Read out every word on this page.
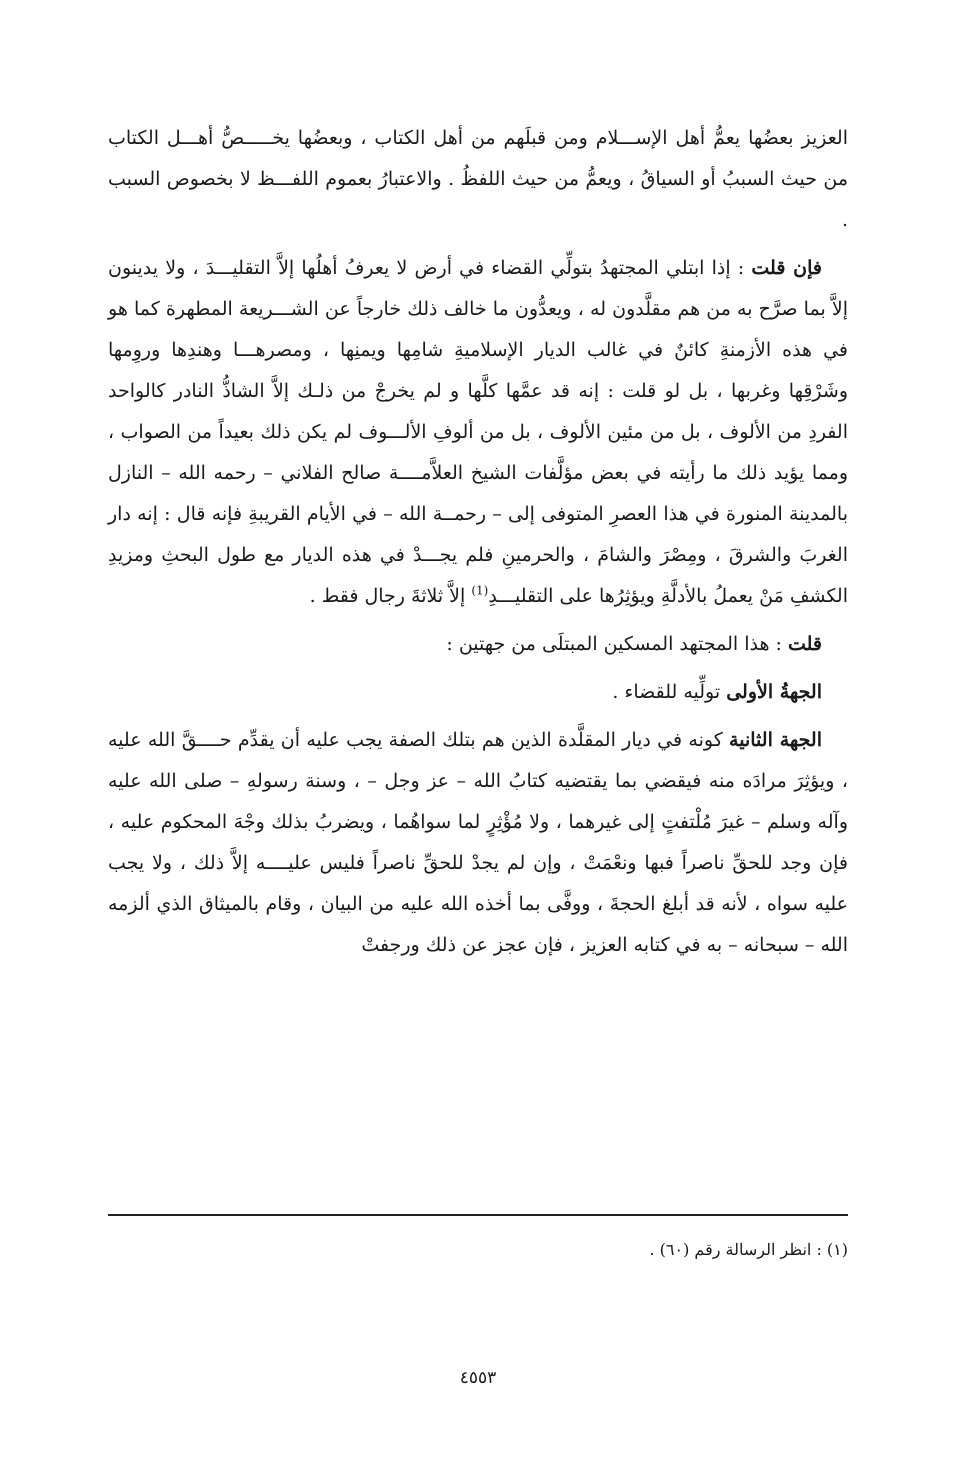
العزيز بعضُها يعمُّ أهل الإســـلام ومن قبلَهم من أهل الكتاب ، وبعضُها يخـــــصُّ أهـــل الكتاب من حيث السببُ أو السياقُ ، ويعمُّ من حيث اللفظُ . والاعتبارُ بعموم اللفـــظ لا بخصوص السبب .

فإن قلت : إذا ابتلي المجتهدُ بتولِّي القضاء في أرض لا يعرفُ أهلُها إلاَّ التقليـــدَ ، ولا يدينون إلاَّ بما صرَّح به من هم مقلَّدون له ، ويعدُّون ما خالف ذلك خارجاً عن الشـــريعة المطهرة كما هو في هذه الأزمنةِ كائنٌ في غالب الديار الإسلاميةِ شامِها ويمنِها ، ومصرهـــا وهندِها وروِمها وشَرْقِها وغربها ، بل لو قلت : إنه قد عمَّها كلَّها و لم يخرجْ من ذلـك إلاَّ الشاذُّ النادر كالواحد الفردِ من الألوف ، بل من مئين الألوف ، بل من ألوفِ الألـــوف لم يكن ذلك بعيداً من الصواب ، ومما يؤيد ذلك ما رأيته في بعض مؤلَّفات الشيخ العلاَّمــــة صالح الفلاني – رحمه الله – النازل بالمدينة المنورة في هذا العصرِ المتوفى إلى – رحمــة الله – في الأيام القريبةِ فإنه قال : إنه دار الغربَ والشرقَ ، ومِصْرَ والشامَ ، والحرمينِ فلم يجـــدْ في هذه الديار مع طول البحثِ ومزيدِ الكشفِ مَنْ يعملُ بالأدلَّةِ ويؤثِرُها على التقليـــدِ$^{(1)}$ إلاَّ ثلاثةَ رجال فقط .

قلت : هذا المجتهد المسكين المبتلَى من جهتين :

الجهةُ الأولى تولِّيه للقضاء .

الجهة الثانية كونه في ديار المقلَّدة الذين هم بتلك الصفة يجب عليه أن يقدِّم حــــقَّ الله عليه ، ويؤثِرَ مرادَه منه فيقضي بما يقتضيه كتابُ الله – عز وجل – ، وسنة رسولهِ – صلى الله عليه وآله وسلم – غيرَ مُلْتفتٍ إلى غيرهما ، ولا مُؤْثِرٍ لما سواهُما ، ويضربُ بذلك وجْهَ المحكوم عليه ، فإن وجد للحقِّ ناصراً فبها ونعْمَتْ ، وإن لم يجدْ للحقِّ ناصراً فليس عليــــه إلاَّ ذلك ، ولا يجب عليه سواه ، لأنه قد أبلغ الحجةَ ، ووفَّى بما أخذه الله عليه من البيان ، وقام بالميثاق الذي ألزمه الله – سبحانه – به في كتابه العزيز ، فإن عجز عن ذلك ورجفتْ

(١) : انظر الرسالة رقم (٦٠) .
٤٥٥٣
